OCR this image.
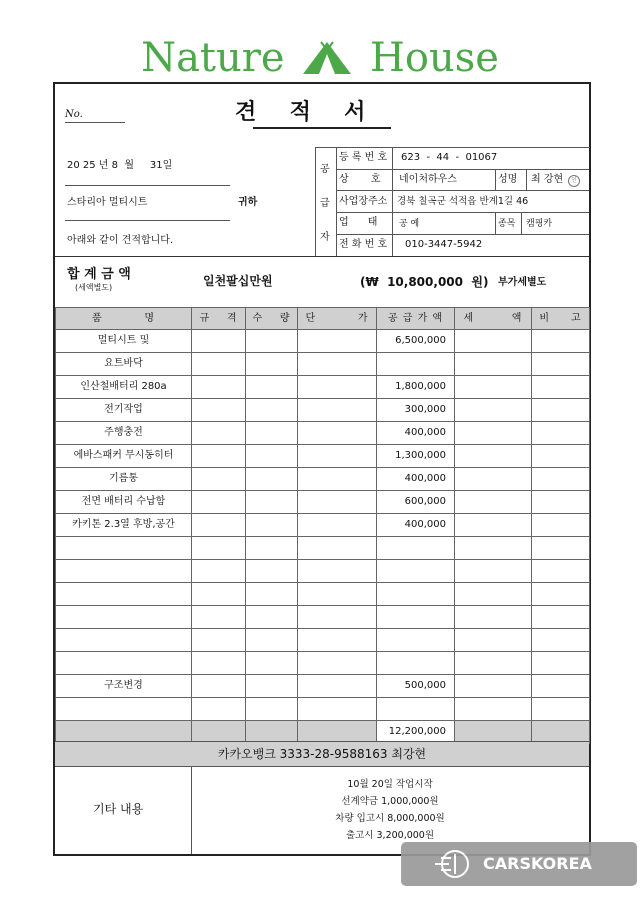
Nature House
No.	견  적  서
20 25 년 8  월     31일
스타리아 멀티시트	귀하
아래와 같이 견적합니다.
공
급
자
등 록 번 호 623  -  44  -  01067
상       호 네이처하우스	성명 최 강현	인
사업장주소 경북 칠곡군 석적읍 반계1길 46
업      태 공 예	종목 캠핑카
전 화 번 호 010-3447-5942
합 계 금 액
(세액별도)	일천팔십만원	(₩  10,800,000  원) 부가세별도
품          명	규    격	수    량	단          가	공 급 가 액	세         액	비     고
멀티시트 및				6,500,000		
요트바닥						
인산철배터리 280a				1,800,000		
전기작업				300,000		
주행충전				400,000		
에바스패커 무시동히터				1,300,000		
기름통				400,000		
전면 배터리 수납함				600,000		
카키톤 2.3열 후방,공간				400,000		

구조변경				500,000		

				12,200,000		
카카오뱅크 3333-28-9588163 최강현
기타 내용
10월 20일 작업시작
선계약금 1,000,000원
차량 입고시 8,000,000원
출고시 3,200,000원
CARSKOREA
